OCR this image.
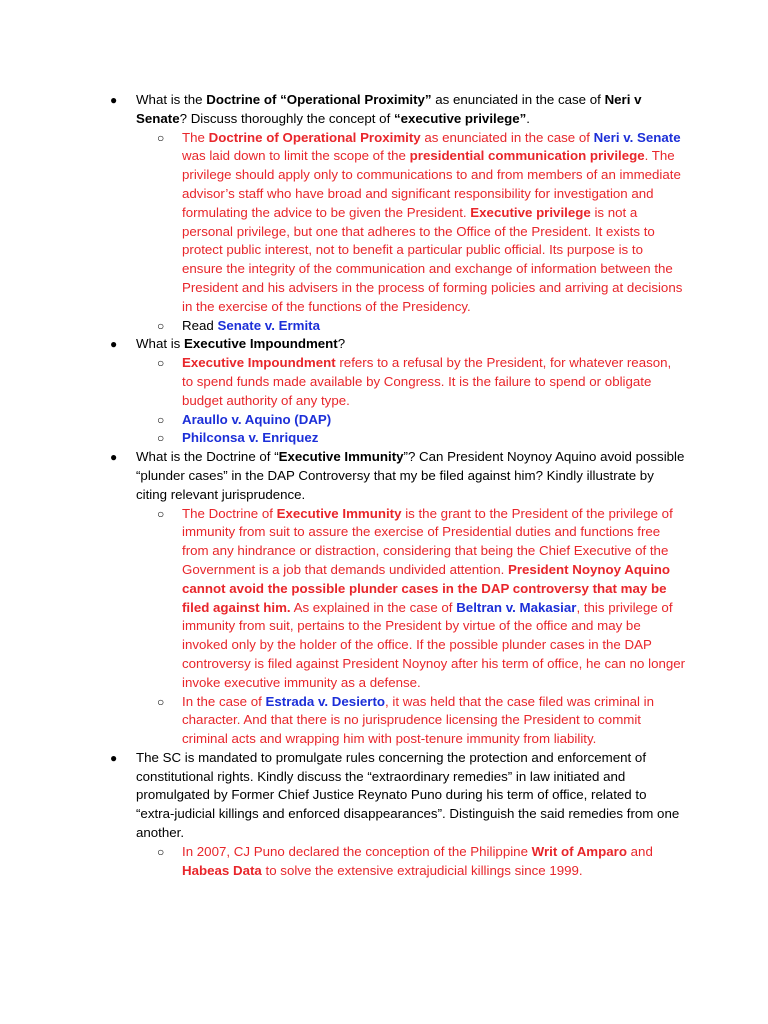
● What is the Doctrine of “Operational Proximity” as enunciated in the case of Neri v Senate? Discuss thoroughly the concept of “executive privilege”.
○ The Doctrine of Operational Proximity as enunciated in the case of Neri v. Senate was laid down to limit the scope of the presidential communication privilege. The privilege should apply only to communications to and from members of an immediate advisor’s staff who have broad and significant responsibility for investigation and formulating the advice to be given the President. Executive privilege is not a personal privilege, but one that adheres to the Office of the President. It exists to protect public interest, not to benefit a particular public official. Its purpose is to ensure the integrity of the communication and exchange of information between the President and his advisers in the process of forming policies and arriving at decisions in the exercise of the functions of the Presidency.
○ Read Senate v. Ermita
● What is Executive Impoundment?
○ Executive Impoundment refers to a refusal by the President, for whatever reason, to spend funds made available by Congress. It is the failure to spend or obligate budget authority of any type.
○ Araullo v. Aquino (DAP)
○ Philconsa v. Enriquez
● What is the Doctrine of “Executive Immunity”? Can President Noynoy Aquino avoid possible “plunder cases” in the DAP Controversy that my be filed against him? Kindly illustrate by citing relevant jurisprudence.
○ The Doctrine of Executive Immunity is the grant to the President of the privilege of immunity from suit to assure the exercise of Presidential duties and functions free from any hindrance or distraction, considering that being the Chief Executive of the Government is a job that demands undivided attention. President Noynoy Aquino cannot avoid the possible plunder cases in the DAP controversy that may be filed against him. As explained in the case of Beltran v. Makasiar, this privilege of immunity from suit, pertains to the President by virtue of the office and may be invoked only by the holder of the office. If the possible plunder cases in the DAP controversy is filed against President Noynoy after his term of office, he can no longer invoke executive immunity as a defense.
○ In the case of Estrada v. Desierto, it was held that the case filed was criminal in character. And that there is no jurisprudence licensing the President to commit criminal acts and wrapping him with post-tenure immunity from liability.
● The SC is mandated to promulgate rules concerning the protection and enforcement of constitutional rights. Kindly discuss the “extraordinary remedies” in law initiated and promulgated by Former Chief Justice Reynato Puno during his term of office, related to “extra-judicial killings and enforced disappearances”. Distinguish the said remedies from one another.
○ In 2007, CJ Puno declared the conception of the Philippine Writ of Amparo and Habeas Data to solve the extensive extrajudicial killings since 1999.
